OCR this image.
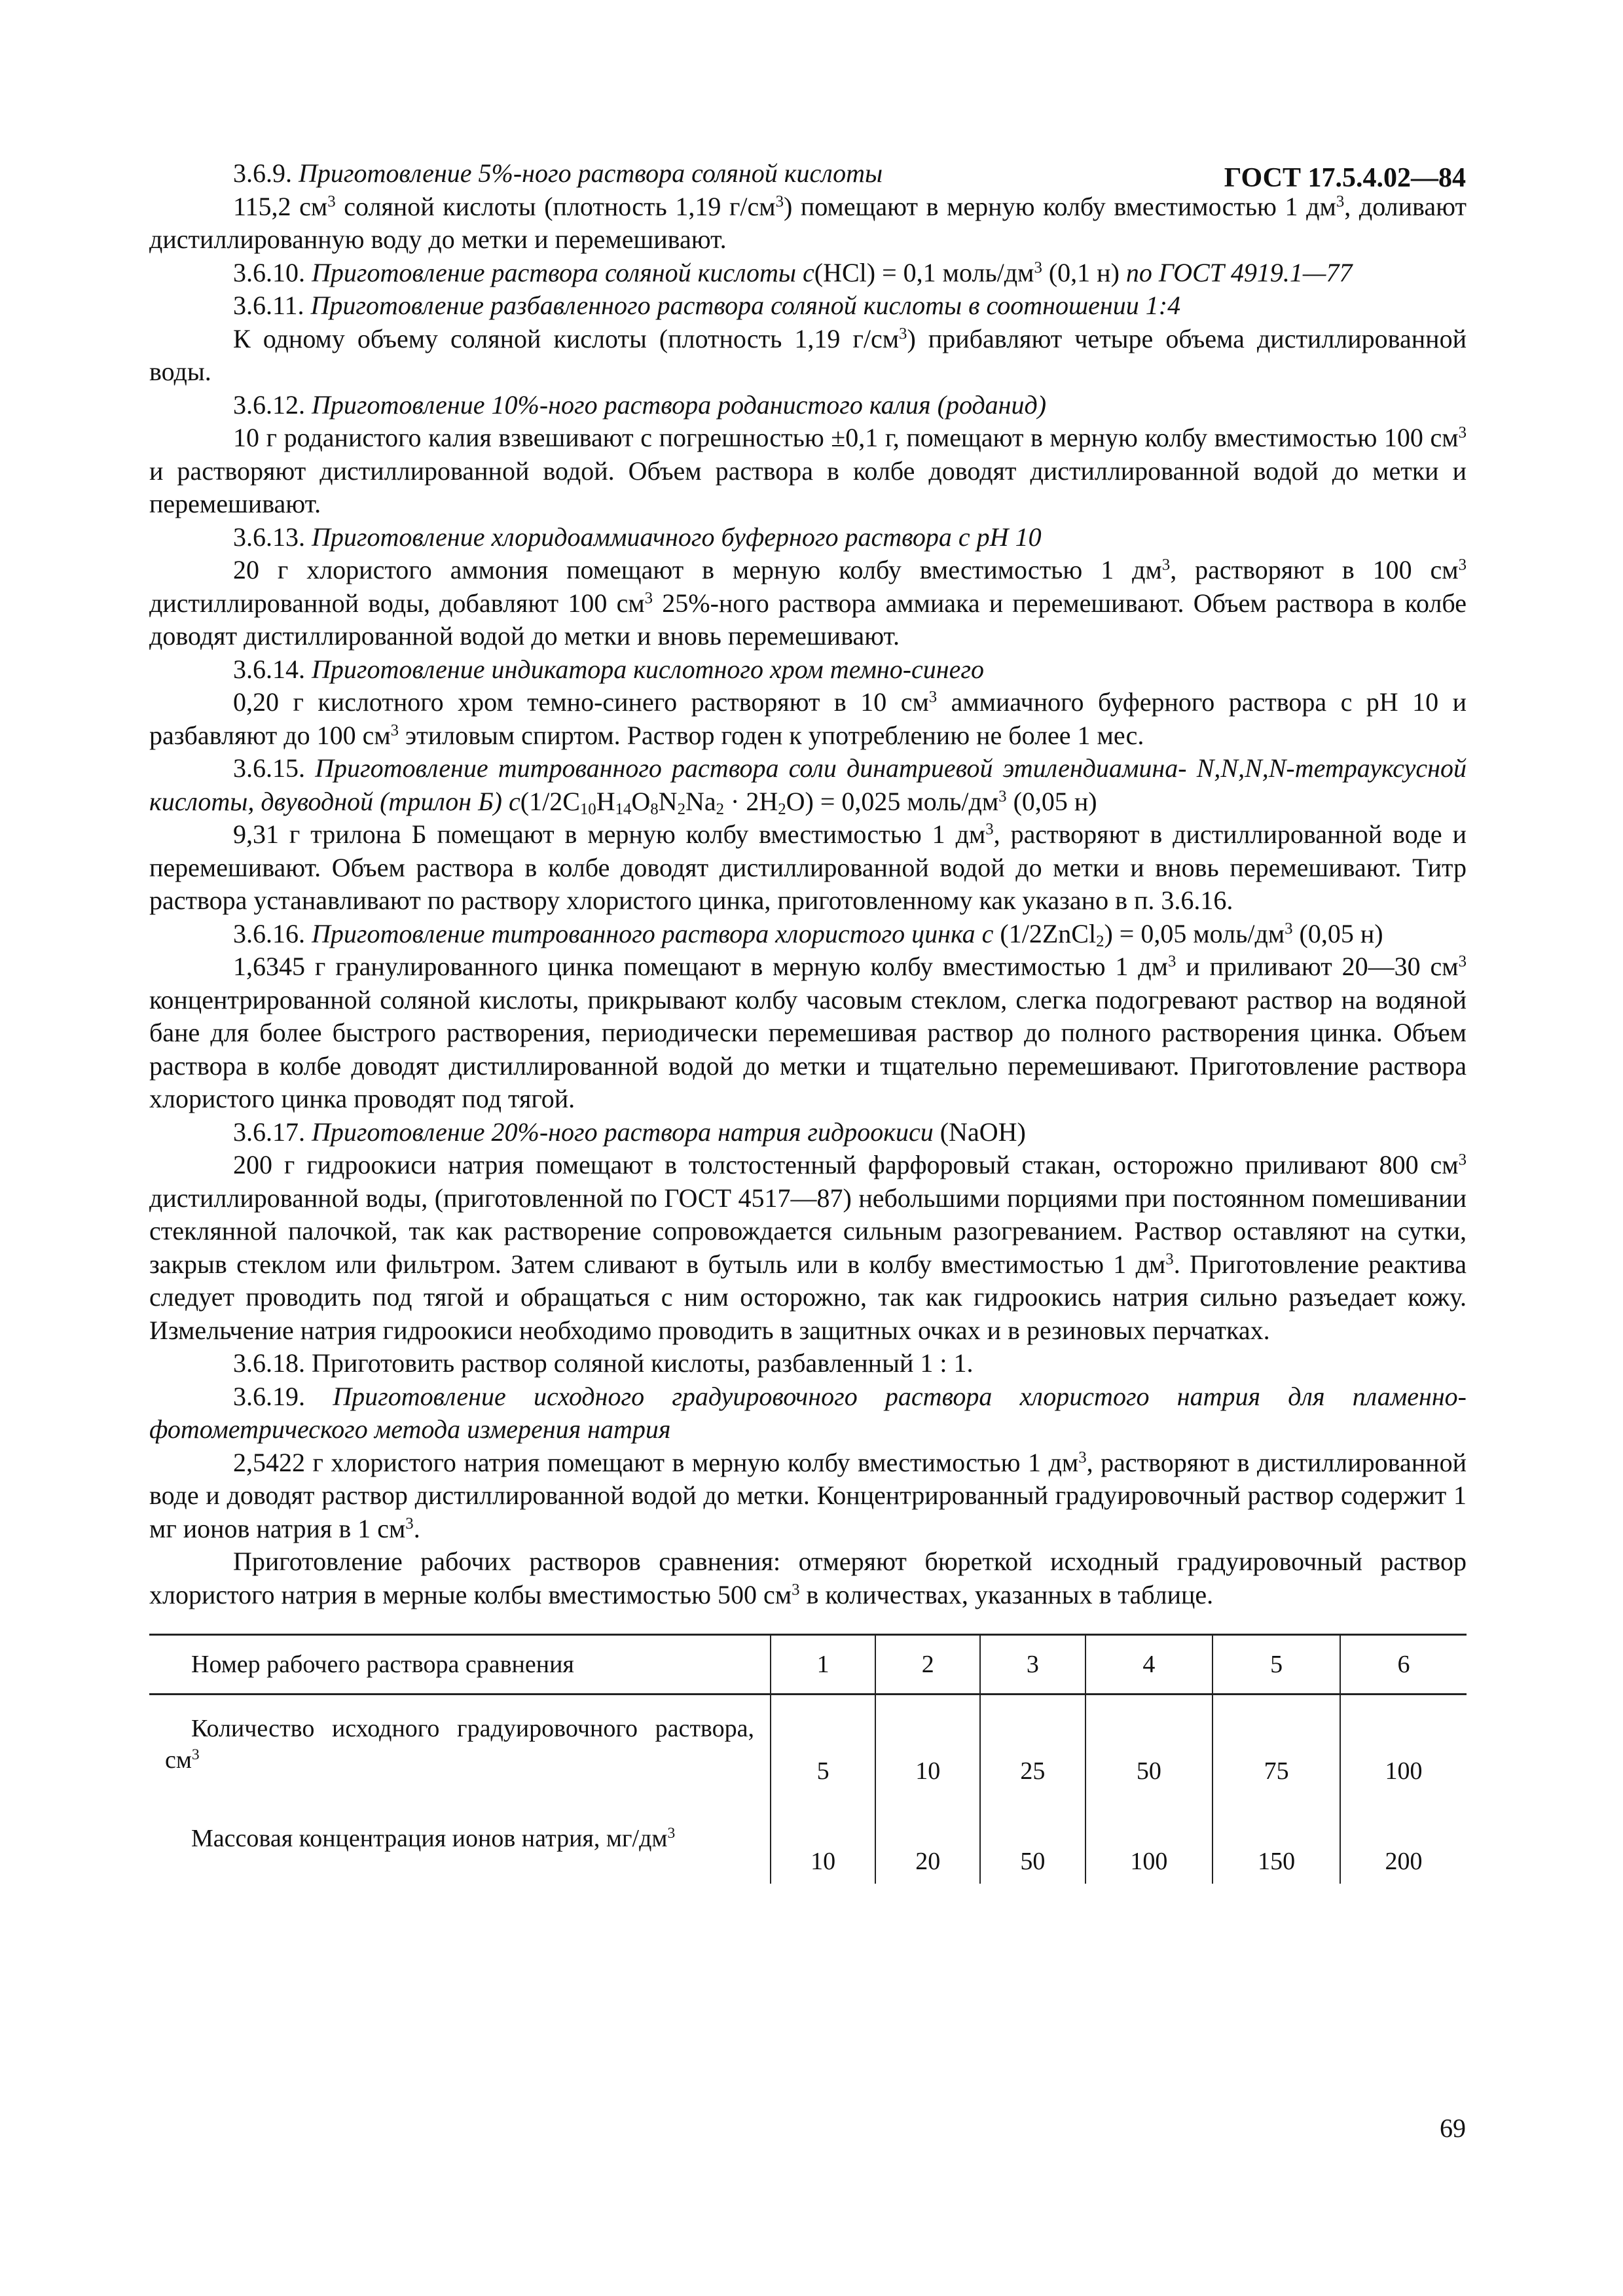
ГОСТ 17.5.4.02—84

3.6.9. Приготовление 5%-ного раствора соляной кислоты

115,2 $см^3$ соляной кислоты (плотность 1,19 $г/см^3$) помещают в мерную колбу вместимостью 1 $дм^3$, доливают дистиллированную воду до метки и перемешивают.

3.6.10. Приготовление раствора соляной кислоты с(HCl) = 0,1 моль/$дм^3$ (0,1 н) по ГОСТ 4919.1—77

3.6.11. Приготовление разбавленного раствора соляной кислоты в соотношении 1:4

К одному объему соляной кислоты (плотность 1,19 $г/см^3$) прибавляют четыре объема дистиллированной воды.

3.6.12. Приготовление 10%-ного раствора роданистого калия (роданид)

10 г роданистого калия взвешивают с погрешностью ±0,1 г, помещают в мерную колбу вместимостью 100 $см^3$ и растворяют дистиллированной водой. Объем раствора в колбе доводят дистиллированной водой до метки и перемешивают.

3.6.13. Приготовление хлоридоаммиачного буферного раствора с pH 10

20 г хлористого аммония помещают в мерную колбу вместимостью 1 $дм^3$, растворяют в 100 $см^3$ дистиллированной воды, добавляют 100 $см^3$ 25%-ного раствора аммиака и перемешивают. Объем раствора в колбе доводят дистиллированной водой до метки и вновь перемешивают.

3.6.14. Приготовление индикатора кислотного хром темно-синего

0,20 г кислотного хром темно-синего растворяют в 10 $см^3$ аммиачного буферного раствора с pH 10 и разбавляют до 100 $см^3$ этиловым спиртом. Раствор годен к употреблению не более 1 мес.

3.6.15. Приготовление титрованного раствора соли динатриевой этилендиамина- N,N,N,N-тетрауксусной кислоты, двуводной (трилон Б) с(1/2C10H14O8N2Na2 · 2H2O) = 0,025 моль/$дм^3$ (0,05 н)

9,31 г трилона Б помещают в мерную колбу вместимостью 1 $дм^3$, растворяют в дистиллированной воде и перемешивают. Объем раствора в колбе доводят дистиллированной водой до метки и вновь перемешивают. Титр раствора устанавливают по раствору хлористого цинка, приготовленному как указано в п. 3.6.16.

3.6.16. Приготовление титрованного раствора хлористого цинка с (1/2ZnCl2) = 0,05 моль/$дм^3$ (0,05 н)

1,6345 г гранулированного цинка помещают в мерную колбу вместимостью 1 $дм^3$ и приливают 20—30 $см^3$ концентрированной соляной кислоты, прикрывают колбу часовым стеклом, слегка подогревают раствор на водяной бане для более быстрого растворения, периодически перемешивая раствор до полного растворения цинка. Объем раствора в колбе доводят дистиллированной водой до метки и тщательно перемешивают. Приготовление раствора хлористого цинка проводят под тягой.

3.6.17. Приготовление 20%-ного раствора натрия гидроокиси (NaOH)

200 г гидроокиси натрия помещают в толстостенный фарфоровый стакан, осторожно приливают 800 $см^3$ дистиллированной воды, (приготовленной по ГОСТ 4517—87) небольшими порциями при постоянном помешивании стеклянной палочкой, так как растворение сопровождается сильным разогреванием. Раствор оставляют на сутки, закрыв стеклом или фильтром. Затем сливают в бутыль или в колбу вместимостью 1 $дм^3$. Приготовление реактива следует проводить под тягой и обращаться с ним осторожно, так как гидроокись натрия сильно разъедает кожу. Измельчение натрия гидроокиси необходимо проводить в защитных очках и в резиновых перчатках.

3.6.18. Приготовить раствор соляной кислоты, разбавленный 1 : 1.

3.6.19. Приготовление исходного градуировочного раствора хлористого натрия для пламенно-фотометрического метода измерения натрия

2,5422 г хлористого натрия помещают в мерную колбу вместимостью 1 $дм^3$, растворяют в дистиллированной воде и доводят раствор дистиллированной водой до метки. Концентрированный градуировочный раствор содержит 1 мг ионов натрия в 1 $см^3$.

Приготовление рабочих растворов сравнения: отмеряют бюреткой исходный градуировочный раствор хлористого натрия в мерные колбы вместимостью 500 $см^3$ в количествах, указанных в таблице.

Номер рабочего раствора сравнения	1	2	3	4	5	6
Количество исходного градуировочного раствора, $см^3$	5	10	25	50	75	100
Массовая концентрация ионов натрия, $мг/дм^3$	10	20	50	100	150	200
69
